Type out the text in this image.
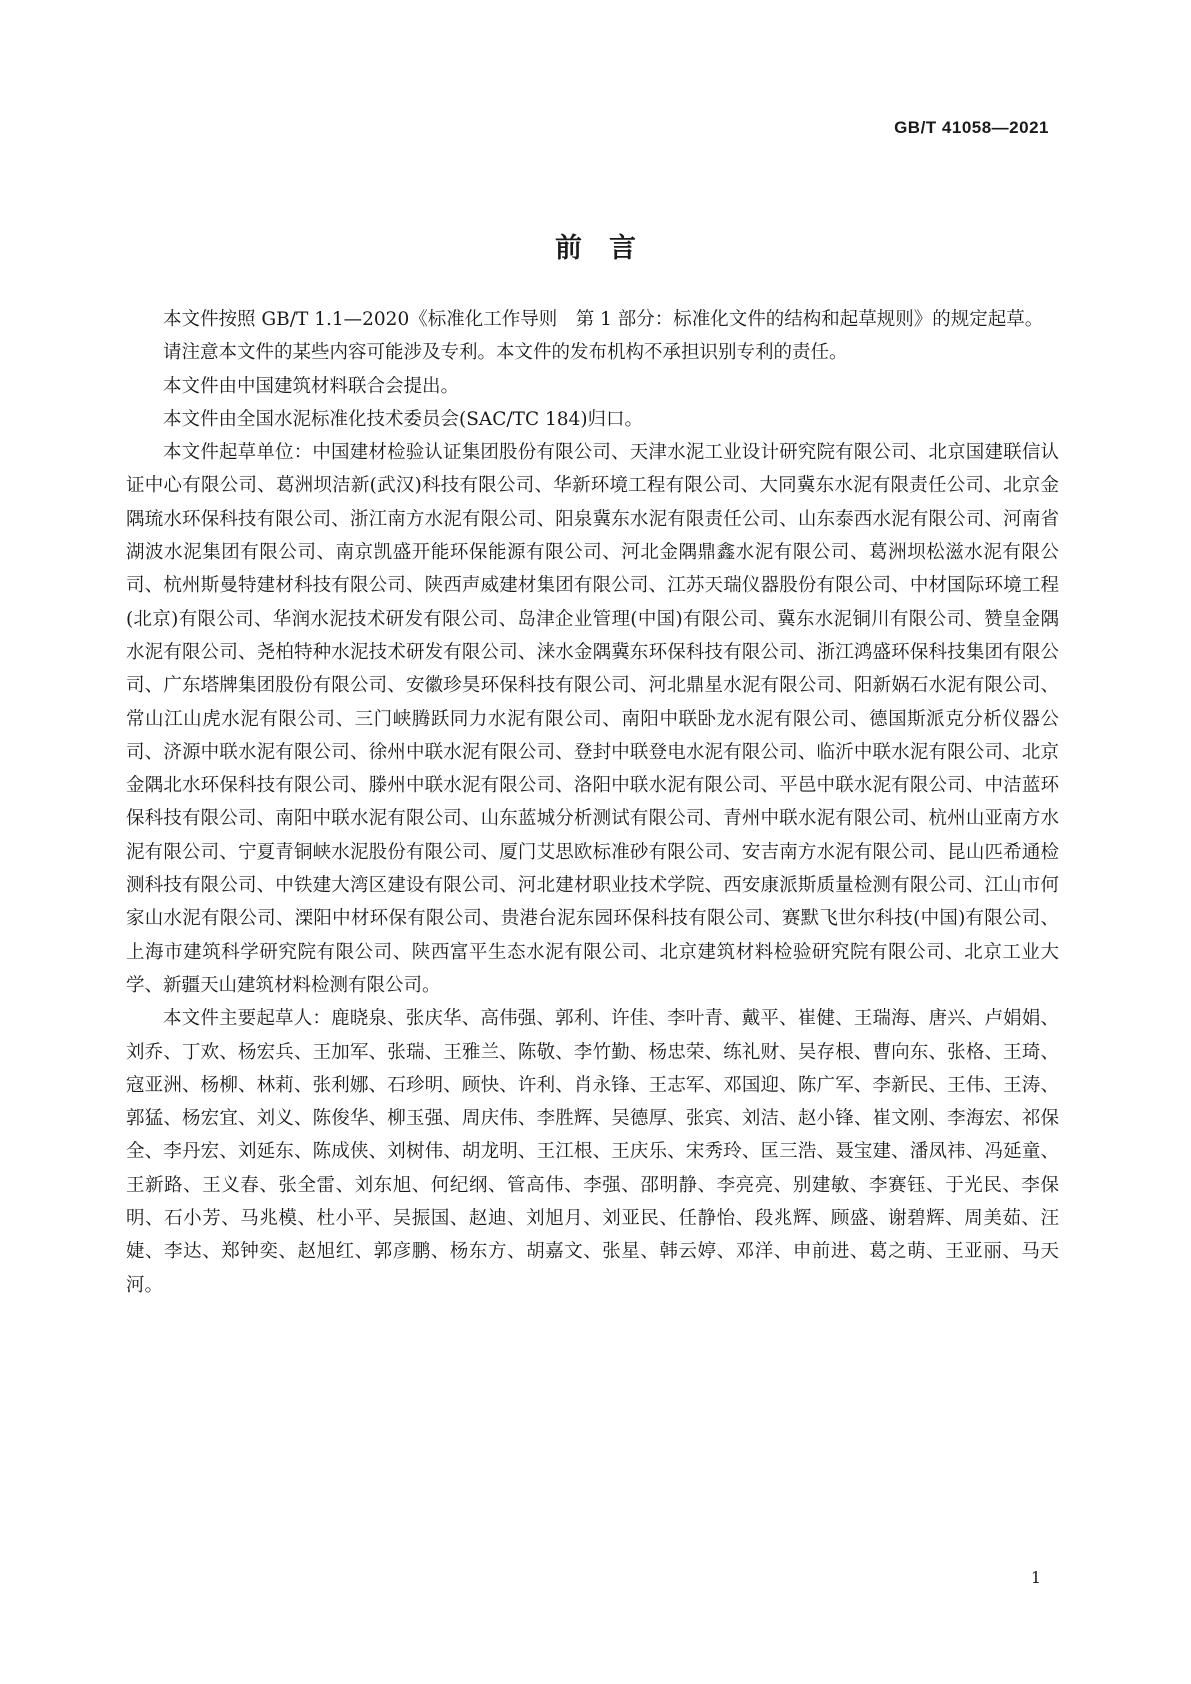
GB/T 41058—2021
前　言

本文件按照 GB/T 1.1—2020《标准化工作导则　第 1 部分：标准化文件的结构和起草规则》的规定起草。

请注意本文件的某些内容可能涉及专利。本文件的发布机构不承担识别专利的责任。

本文件由中国建筑材料联合会提出。

本文件由全国水泥标准化技术委员会(SAC/TC 184)归口。

本文件起草单位：中国建材检验认证集团股份有限公司、天津水泥工业设计研究院有限公司、北京国建联信认证中心有限公司、葛洲坝洁新(武汉)科技有限公司、华新环境工程有限公司、大同冀东水泥有限责任公司、北京金隅琉水环保科技有限公司、浙江南方水泥有限公司、阳泉冀东水泥有限责任公司、山东泰西水泥有限公司、河南省湖波水泥集团有限公司、南京凯盛开能环保能源有限公司、河北金隅鼎鑫水泥有限公司、葛洲坝松滋水泥有限公司、杭州斯曼特建材科技有限公司、陕西声威建材集团有限公司、江苏天瑞仪器股份有限公司、中材国际环境工程(北京)有限公司、华润水泥技术研发有限公司、岛津企业管理(中国)有限公司、冀东水泥铜川有限公司、赞皇金隅水泥有限公司、尧柏特种水泥技术研发有限公司、涞水金隅冀东环保科技有限公司、浙江鸿盛环保科技集团有限公司、广东塔牌集团股份有限公司、安徽珍昊环保科技有限公司、河北鼎星水泥有限公司、阳新娲石水泥有限公司、常山江山虎水泥有限公司、三门峡腾跃同力水泥有限公司、南阳中联卧龙水泥有限公司、德国斯派克分析仪器公司、济源中联水泥有限公司、徐州中联水泥有限公司、登封中联登电水泥有限公司、临沂中联水泥有限公司、北京金隅北水环保科技有限公司、滕州中联水泥有限公司、洛阳中联水泥有限公司、平邑中联水泥有限公司、中洁蓝环保科技有限公司、南阳中联水泥有限公司、山东蓝城分析测试有限公司、青州中联水泥有限公司、杭州山亚南方水泥有限公司、宁夏青铜峡水泥股份有限公司、厦门艾思欧标准砂有限公司、安吉南方水泥有限公司、昆山匹希通检测科技有限公司、中铁建大湾区建设有限公司、河北建材职业技术学院、西安康派斯质量检测有限公司、江山市何家山水泥有限公司、溧阳中材环保有限公司、贵港台泥东园环保科技有限公司、赛默飞世尔科技(中国)有限公司、上海市建筑科学研究院有限公司、陕西富平生态水泥有限公司、北京建筑材料检验研究院有限公司、北京工业大学、新疆天山建筑材料检测有限公司。

本文件主要起草人：鹿晓泉、张庆华、高伟强、郭利、许佳、李叶青、戴平、崔健、王瑞海、唐兴、卢娟娟、刘乔、丁欢、杨宏兵、王加军、张瑞、王雅兰、陈敬、李竹勤、杨忠荣、练礼财、吴存根、曹向东、张格、王琦、寇亚洲、杨柳、林莉、张利娜、石珍明、顾快、许利、肖永锋、王志军、邓国迎、陈广军、李新民、王伟、王涛、郭猛、杨宏宜、刘义、陈俊华、柳玉强、周庆伟、李胜辉、吴德厚、张宾、刘洁、赵小锋、崔文刚、李海宏、祁保全、李丹宏、刘延东、陈成侠、刘树伟、胡龙明、王江根、王庆乐、宋秀玲、匡三浩、聂宝建、潘凤祎、冯延童、王新路、王义春、张全雷、刘东旭、何纪纲、管高伟、李强、邵明静、李亮亮、别建敏、李赛钰、于光民、李保明、石小芳、马兆模、杜小平、吴振国、赵迪、刘旭月、刘亚民、任静怡、段兆辉、顾盛、谢碧辉、周美茹、汪婕、李达、郑钟奕、赵旭红、郭彦鹏、杨东方、胡嘉文、张星、韩云婷、邓洋、申前进、葛之萌、王亚丽、马天河。

1
